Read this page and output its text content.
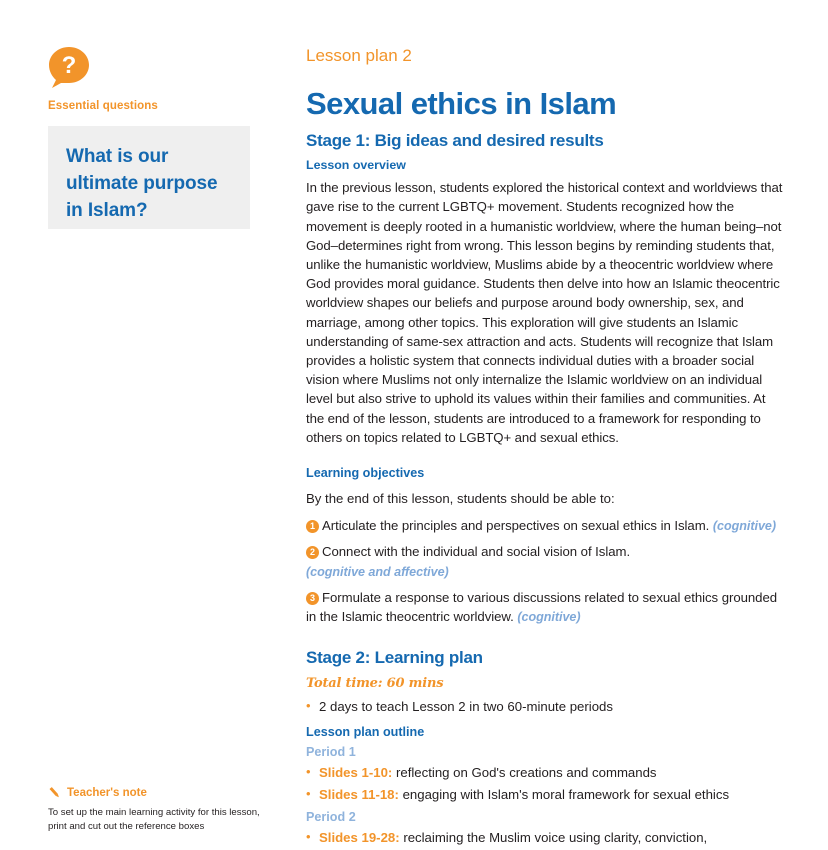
?
Essential questions
What is our ultimate purpose in Islam?
Teacher's note
To set up the main learning activity for this lesson, print and cut out the reference boxes
Lesson plan 2
Sexual ethics in Islam
Stage 1: Big ideas and desired results
Lesson overview
In the previous lesson, students explored the historical context and worldviews that gave rise to the current LGBTQ+ movement. Students recognized how the movement is deeply rooted in a humanistic worldview, where the human being–not God–determines right from wrong. This lesson begins by reminding students that, unlike the humanistic worldview, Muslims abide by a theocentric worldview where God provides moral guidance. Students then delve into how an Islamic theocentric worldview shapes our beliefs and purpose around body ownership, sex, and marriage, among other topics. This exploration will give students an Islamic understanding of same-sex attraction and acts. Students will recognize that Islam provides a holistic system that connects individual duties with a broader social vision where Muslims not only internalize the Islamic worldview on an individual level but also strive to uphold its values within their families and communities. At the end of the lesson, students are introduced to a framework for responding to others on topics related to LGBTQ+ and sexual ethics.
Learning objectives
By the end of this lesson, students should be able to:
1 Articulate the principles and perspectives on sexual ethics in Islam. (cognitive)
2 Connect with the individual and social vision of Islam.
(cognitive and affective)
3 Formulate a response to various discussions related to sexual ethics grounded in the Islamic theocentric worldview. (cognitive)
Stage 2: Learning plan
Total time: 60 mins
• 2 days to teach Lesson 2 in two 60-minute periods
Lesson plan outline
Period 1
• Slides 1-10: reflecting on God's creations and commands
• Slides 11-18: engaging with Islam's moral framework for sexual ethics
Period 2
• Slides 19-28: reclaiming the Muslim voice using clarity, conviction,
